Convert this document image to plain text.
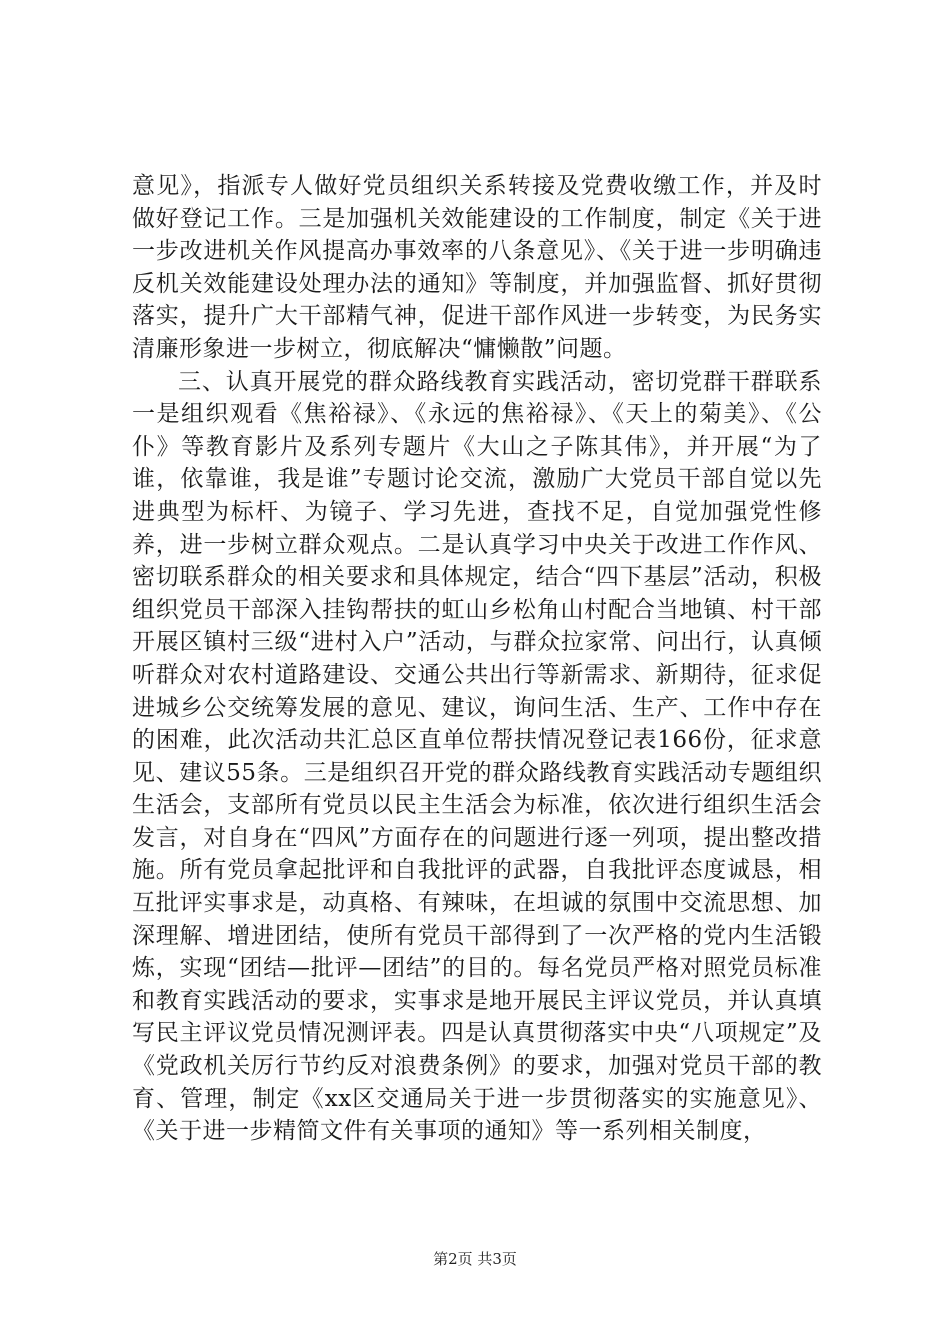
意见》，指派专人做好党员组织关系转接及党费收缴工作，并及时做好登记工作。三是加强机关效能建设的工作制度，制定《关于进一步改进机关作风提高办事效率的八条意见》、《关于进一步明确违反机关效能建设处理办法的通知》等制度，并加强监督、抓好贯彻落实，提升广大干部精气神，促进干部作风进一步转变，为民务实清廉形象进一步树立，彻底解决“慵懒散”问题。

三、认真开展党的群众路线教育实践活动，密切党群干群联系一是组织观看《焦裕禄》、《永远的焦裕禄》、《天上的菊美》、《公仆》等教育影片及系列专题片《大山之子陈其伟》，并开展“为了谁，依靠谁，我是谁”专题讨论交流，激励广大党员干部自觉以先进典型为标杆、为镜子、学习先进，查找不足，自觉加强党性修养，进一步树立群众观点。二是认真学习中央关于改进工作作风、密切联系群众的相关要求和具体规定，结合“四下基层”活动，积极组织党员干部深入挂钩帮扶的虹山乡松角山村配合当地镇、村干部开展区镇村三级“进村入户”活动，与群众拉家常、问出行，认真倾听群众对农村道路建设、交通公共出行等新需求、新期待，征求促进城乡公交统筹发展的意见、建议，询问生活、生产、工作中存在的困难，此次活动共汇总区直单位帮扶情况登记表166份，征求意见、建议55条。三是组织召开党的群众路线教育实践活动专题组织生活会，支部所有党员以民主生活会为标准，依次进行组织生活会发言，对自身在“四风”方面存在的问题进行逐一列项，提出整改措施。所有党员拿起批评和自我批评的武器，自我批评态度诚恳，相互批评实事求是，动真格、有辣味，在坦诚的氛围中交流思想、加深理解、增进团结，使所有党员干部得到了一次严格的党内生活锻炼，实现“团结—批评—团结”的目的。每名党员严格对照党员标准和教育实践活动的要求，实事求是地开展民主评议党员，并认真填写民主评议党员情况测评表。四是认真贯彻落实中央“八项规定”及《党政机关厉行节约反对浪费条例》的要求，加强对党员干部的教育、管理，制定《xx区交通局关于进一步贯彻落实的实施意见》、《关于进一步精简文件有关事项的通知》等一系列相关制度，

第2页 共3页
